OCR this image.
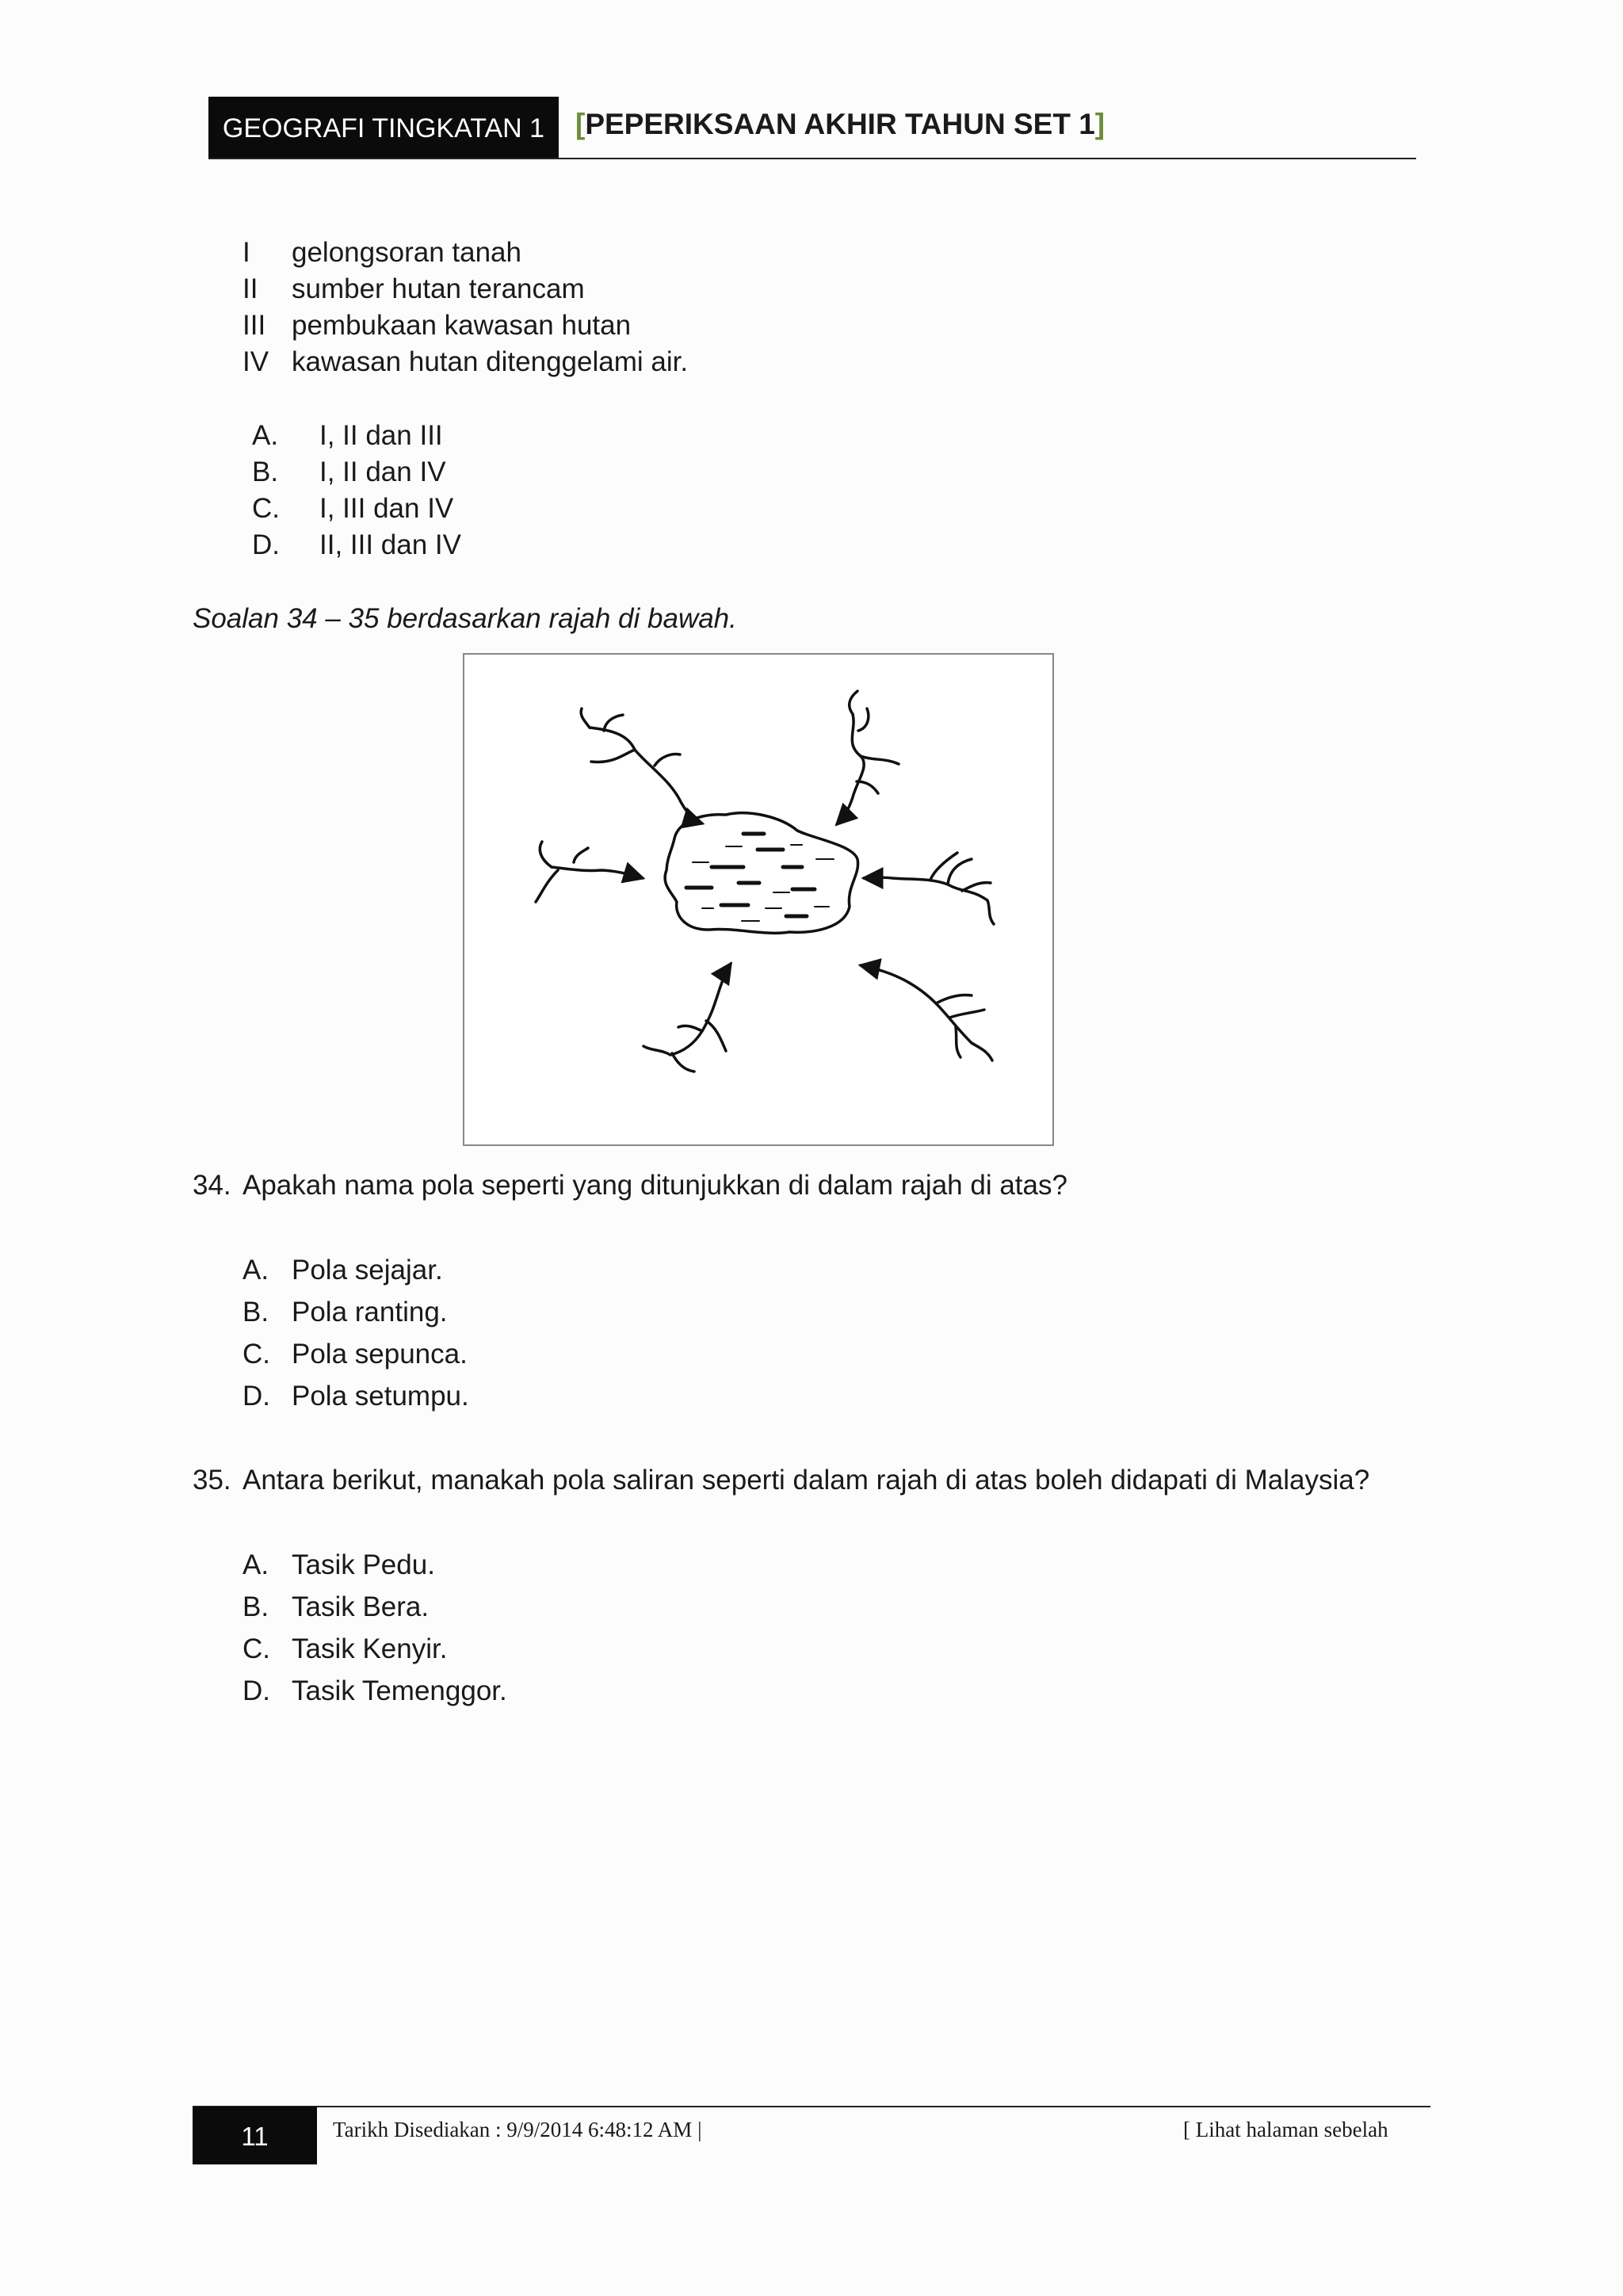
GEOGRAFI TINGKATAN 1	[PEPERIKSAAN AKHIR TAHUN SET 1]
I gelongsoran tanah
II sumber hutan terancam
III pembukaan kawasan hutan
IV kawasan hutan ditenggelami air.
A. I, II dan III
B. I, II dan IV
C. I, III dan IV
D. II, III dan IV
Soalan 34 – 35 berdasarkan rajah di bawah.
34. Apakah nama pola seperti yang ditunjukkan di dalam rajah di atas?
A. Pola sejajar.
B. Pola ranting.
C. Pola sepunca.
D. Pola setumpu.
35. Antara berikut, manakah pola saliran seperti dalam rajah di atas boleh didapati di Malaysia?
A. Tasik Pedu.
B. Tasik Bera.
C. Tasik Kenyir.
D. Tasik Temenggor.
11	Tarikh Disediakan : 9/9/2014 6:48:12 AM |	[ Lihat halaman sebelah
